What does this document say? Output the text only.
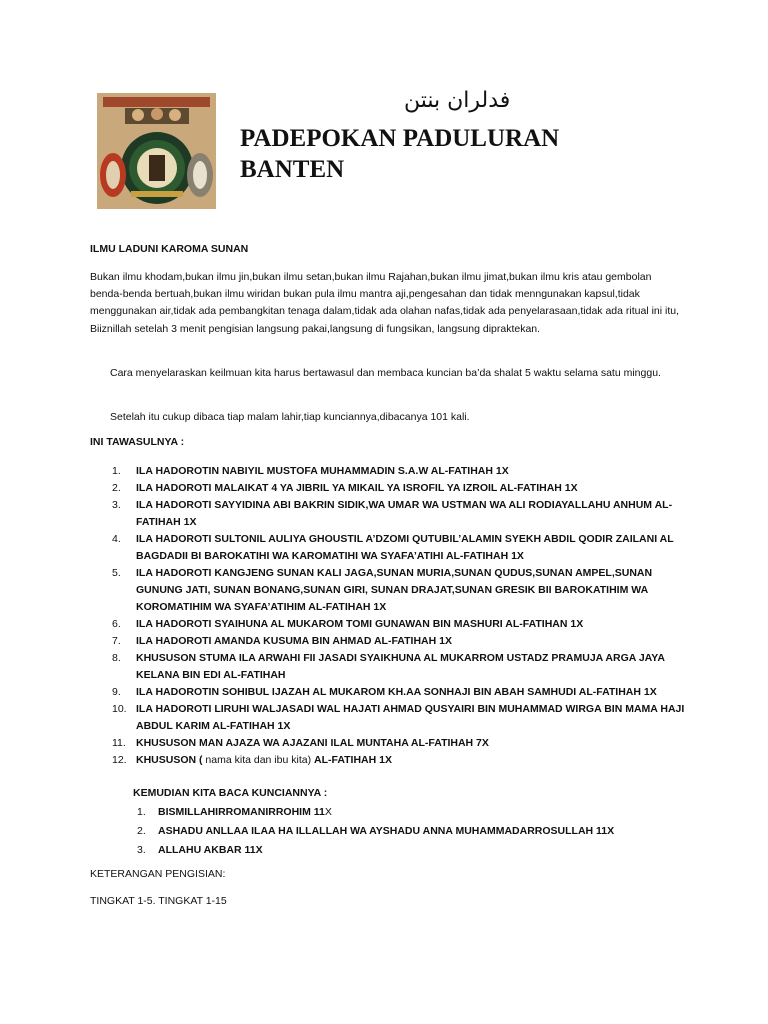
فدلران بنتن
PADEPOKAN PADULURAN
BANTEN
ILMU LADUNI KAROMA SUNAN
Bukan ilmu khodam,bukan ilmu jin,bukan ilmu setan,bukan ilmu Rajahan,bukan ilmu jimat,bukan ilmu kris atau gembolan benda-benda bertuah,bukan ilmu wiridan bukan pula ilmu mantra aji,pengesahan dan tidak menngunakan kapsul,tidak menggunakan air,tidak ada pembangkitan tenaga dalam,tidak ada olahan nafas,tidak ada penyelarasaan,tidak ada ritual ini itu, Biiznillah setelah 3 menit pengisian langsung pakai,langsung di fungsikan, langsung dipraktekan.
Cara menyelaraskan keilmuan kita harus bertawasul dan membaca kuncian ba’da shalat 5 waktu selama satu minggu.
Setelah itu cukup dibaca tiap malam lahir,tiap kunciannya,dibacanya 101 kali.
INI TAWASULNYA :
1. ILA HADOROTIN NABIYIL MUSTOFA MUHAMMADIN S.A.W AL-FATIHAH 1X
2. ILA HADOROTI MALAIKAT 4 YA JIBRIL YA MIKAIL YA ISROFIL YA IZROIL AL-FATIHAH 1X
3. ILA HADOROTI SAYYIDINA ABI BAKRIN SIDIK,WA UMAR WA USTMAN WA ALI RODIAYALLAHU ANHUM AL-FATIHAH 1X
4. ILA HADOROTI SULTONIL AULIYA GHOUSTIL A’DZOMI QUTUBIL’ALAMIN SYEKH ABDIL QODIR ZAILANI AL BAGDADII BI BAROKATIHI WA KAROMATIHI WA SYAFA’ATIHI AL-FATIHAH 1X
5. ILA HADOROTI KANGJENG SUNAN KALI JAGA,SUNAN MURIA,SUNAN QUDUS,SUNAN AMPEL,SUNAN GUNUNG JATI, SUNAN BONANG,SUNAN GIRI, SUNAN DRAJAT,SUNAN GRESIK BII BAROKATIHIM WA KOROMATIHIM WA SYAFA’ATIHIM AL-FATIHAH 1X
6. ILA HADOROTI SYAIHUNA AL MUKAROM TOMI GUNAWAN BIN MASHURI AL-FATIHAN 1X
7. ILA HADOROTI AMANDA KUSUMA BIN AHMAD AL-FATIHAH 1X
8. KHUSUSON STUMA ILA ARWAHI FII JASADI SYAIKHUNA AL MUKARROM USTADZ PRAMUJA ARGA JAYA KELANA BIN EDI AL-FATIHAH
9. ILA HADOROTIN SOHIBUL IJAZAH AL MUKAROM KH.AA SONHAJI BIN ABAH SAMHUDI AL-FATIHAH 1X
10. ILA HADOROTI LIRUHI WALJASADI WAL HAJATI AHMAD QUSYAIRI BIN MUHAMMAD WIRGA BIN MAMA HAJI ABDUL KARIM AL-FATIHAH 1X
11. KHUSUSON MAN AJAZA WA AJAZANI ILAL MUNTAHA AL-FATIHAH 7X
12. KHUSUSON ( nama kita dan ibu kita) AL-FATIHAH 1X
KEMUDIAN KITA BACA KUNCIANNYA :
1. BISMILLAHIRROMANIRROHIM 11X
2. ASHADU ANLLAA ILAA HA ILLALLAH WA AYSHADU ANNA MUHAMMADARROSULLAH 11X
3. ALLAHU AKBAR 11X
KETERANGAN PENGISIAN:
TINGKAT 1-5. TINGKAT 1-15
